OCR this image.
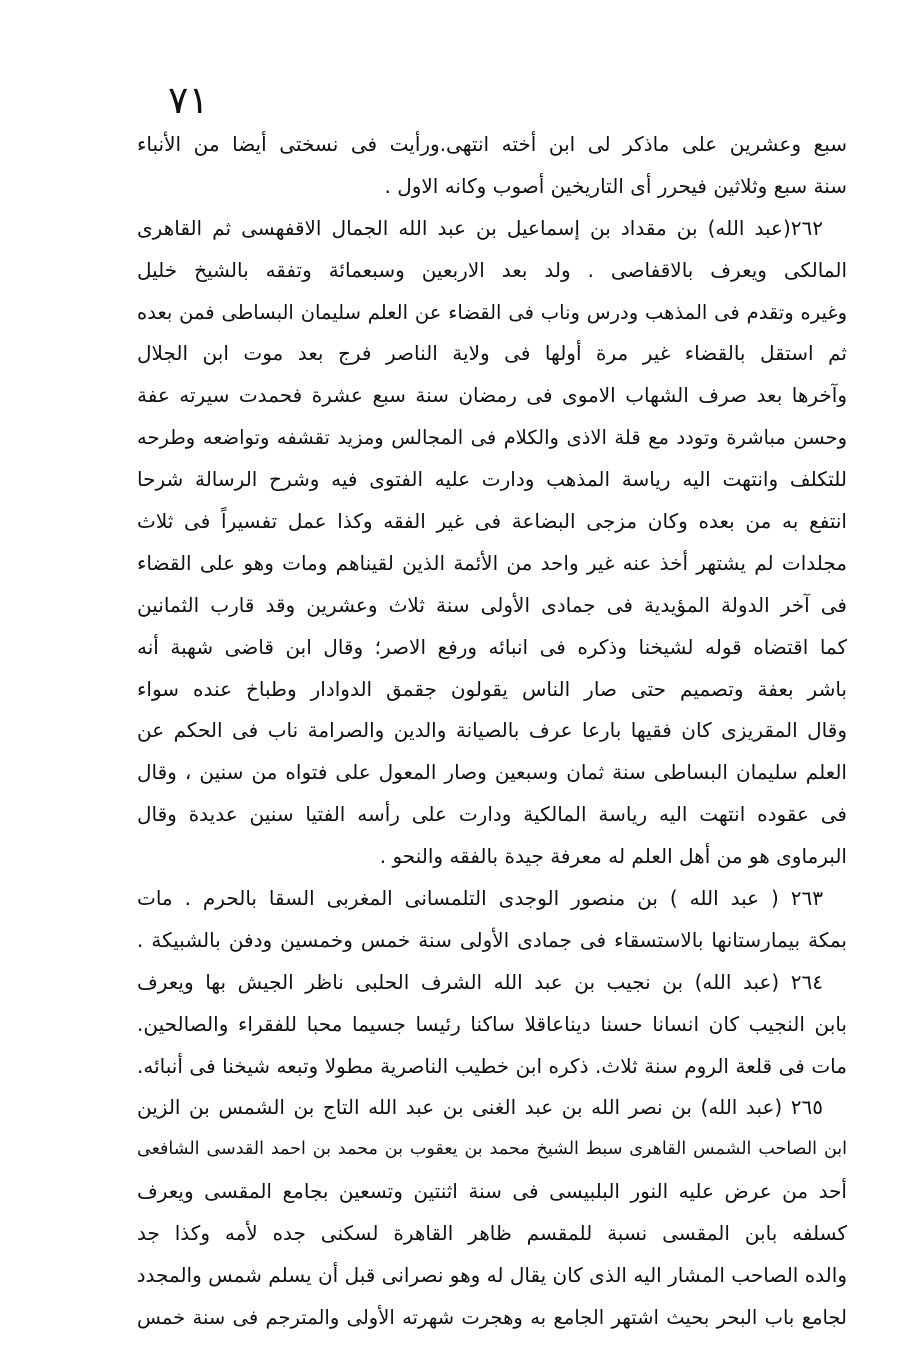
٧١
سبع وعشرين على ماذكر لى ابن أخته انتهى.ورأيت فى نسختى أيضا من الأنباء
سنة سبع وثلاثين فيحرر أى التاريخين أصوب وكانه الاول .
٢٦٢(عبد الله) بن مقداد بن إسماعيل بن عبد الله الجمال الاقفهسى ثم القاهرى
المالكى ويعرف بالاقفاصى . ولد بعد الاربعين وسبعمائة وتفقه بالشيخ خليل
وغيره وتقدم فى المذهب ودرس وناب فى القضاء عن العلم سليمان البساطى فمن بعده
ثم استقل بالقضاء غير مرة أولها فى ولاية الناصر فرج بعد موت ابن الجلال
وآخرها بعد صرف الشهاب الاموى فى رمضان سنة سبع عشرة فحمدت سيرته عفة
وحسن مباشرة وتودد مع قلة الاذى والكلام فى المجالس ومزيد تقشفه وتواضعه وطرحه
للتكلف وانتهت اليه رياسة المذهب ودارت عليه الفتوى فيه وشرح الرسالة شرحا
انتفع به من بعده وكان مزجى البضاعة فى غير الفقه وكذا عمل تفسيراً فى ثلاث
مجلدات لم يشتهر أخذ عنه غير واحد من الأئمة الذين لقيناهم ومات وهو على القضاء
فى آخر الدولة المؤيدية فى جمادى الأولى سنة ثلاث وعشرين وقد قارب الثمانين
كما اقتضاه قوله لشيخنا وذكره فى انبائه ورفع الاصر؛ وقال ابن قاضى شهبة أنه
باشر بعفة وتصميم حتى صار الناس يقولون جقمق الدوادار وطباخ عنده سواء
وقال المقريزى كان فقيها بارعا عرف بالصيانة والدين والصرامة ناب فى الحكم عن
العلم سليمان البساطى سنة ثمان وسبعين وصار المعول على فتواه من سنين ، وقال
فى عقوده انتهت اليه رياسة المالكية ودارت على رأسه الفتيا سنين عديدة وقال
البرماوى هو من أهل العلم له معرفة جيدة بالفقه والنحو .
٢٦٣ ( عبد الله ) بن منصور الوجدى التلمسانى المغربى السقا بالحرم . مات
بمكة بيمارستانها بالاستسقاء فى جمادى الأولى سنة خمس وخمسين ودفن بالشبيكة .
٢٦٤ (عبد الله) بن نجيب بن عبد الله الشرف الحلبى ناظر الجيش بها ويعرف
بابن النجيب كان انسانا حسنا ديناعاقلا ساكنا رئيسا جسيما محبا للفقراء والصالحين.
مات فى قلعة الروم سنة ثلاث. ذكره ابن خطيب الناصرية مطولا وتبعه شيخنا فى أنبائه.
٢٦٥ (عبد الله) بن نصر الله بن عبد الغنى بن عبد الله التاج بن الشمس بن الزين
ابن الصاحب الشمس القاهرى سبط الشيخ محمد بن يعقوب بن محمد بن احمد القدسى الشافعى
أحد من عرض عليه النور البلبيسى فى سنة اثنتين وتسعين بجامع المقسى ويعرف
كسلفه بابن المقسى نسبة للمقسم ظاهر القاهرة لسكنى جده لأمه وكذا جد
والده الصاحب المشار اليه الذى كان يقال له وهو نصرانى قبل أن يسلم شمس والمجدد
لجامع باب البحر بحيث اشتهر الجامع به وهجرت شهرته الأولى والمترجم فى سنة خمس
